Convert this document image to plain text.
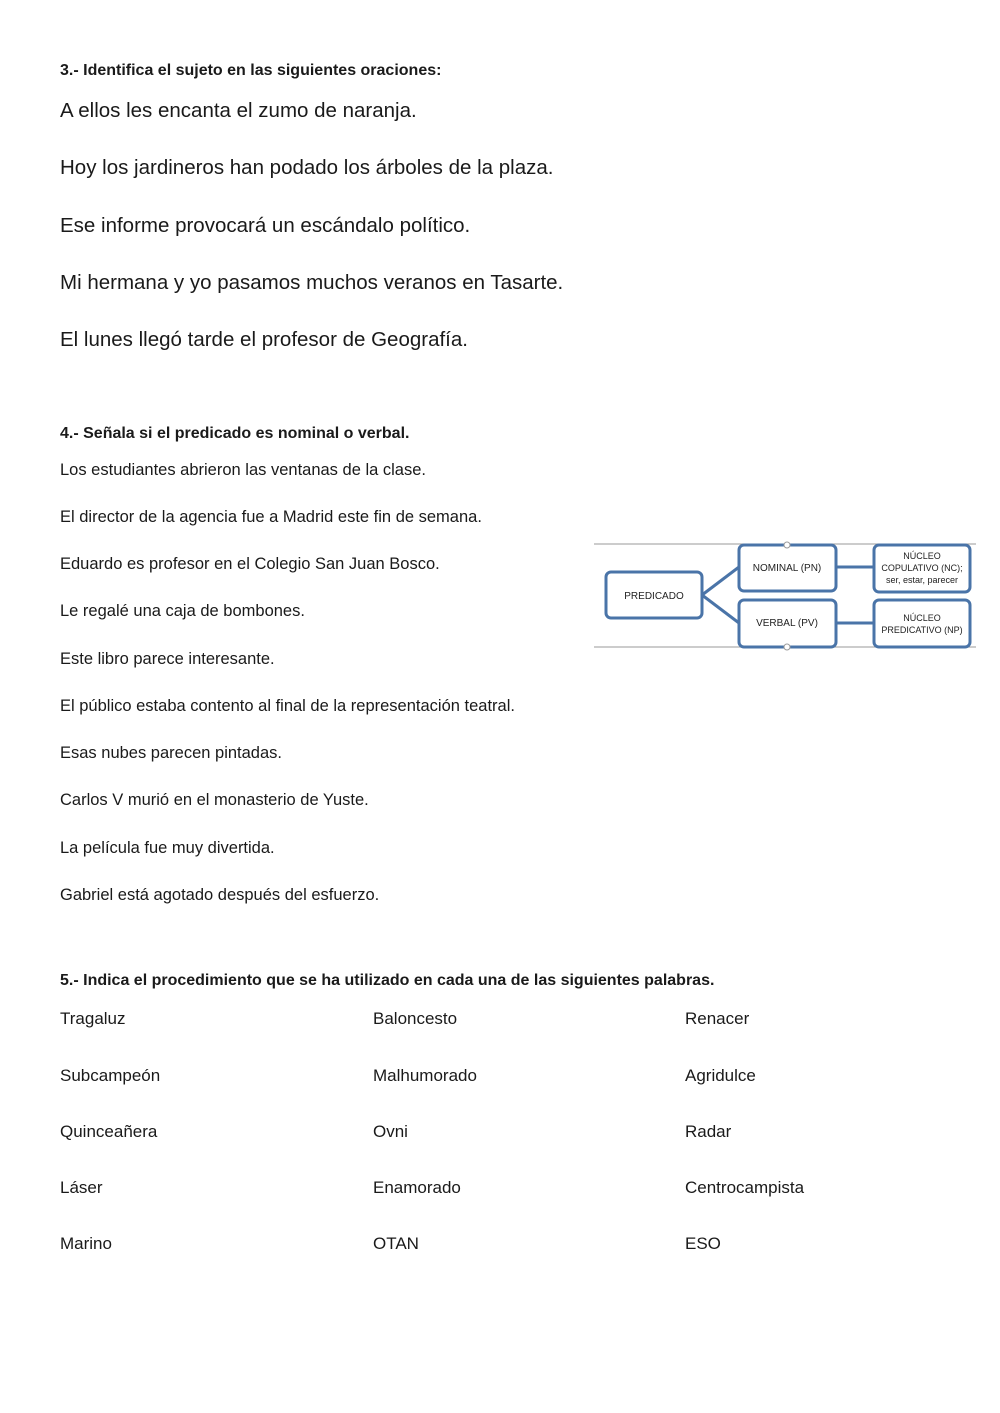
3.- Identifica el sujeto en las siguientes oraciones:

A ellos les encanta el zumo de naranja.

Hoy los jardineros han podado los árboles de la plaza.

Ese informe provocará un escándalo político.

Mi hermana y yo pasamos muchos veranos en Tasarte.

El lunes llegó tarde el profesor de Geografía.

4.- Señala si el predicado es nominal o verbal.

Los estudiantes abrieron las ventanas de la clase.

El director de la agencia fue a Madrid este fin de semana.

Eduardo es profesor en el Colegio San Juan Bosco.

Le regalé una caja de bombones.

Este libro parece interesante.

El público estaba contento al final de la representación teatral.

Esas nubes parecen pintadas.

Carlos V murió en el monasterio de Yuste.

La película fue muy divertida.

Gabriel está agotado después del esfuerzo.

PREDICADO
NOMINAL (PN)
VERBAL (PV)
NÚCLEO
COPULATIVO (NC);
ser, estar, parecer
NÚCLEO
PREDICATIVO (NP)

5.- Indica el procedimiento que se ha utilizado en cada una de las siguientes palabras.

Tragaluz	Baloncesto	Renacer

Subcampeón	Malhumorado	Agridulce

Quinceañera	Ovni	Radar

Láser	Enamorado	Centrocampista

Marino	OTAN	ESO
